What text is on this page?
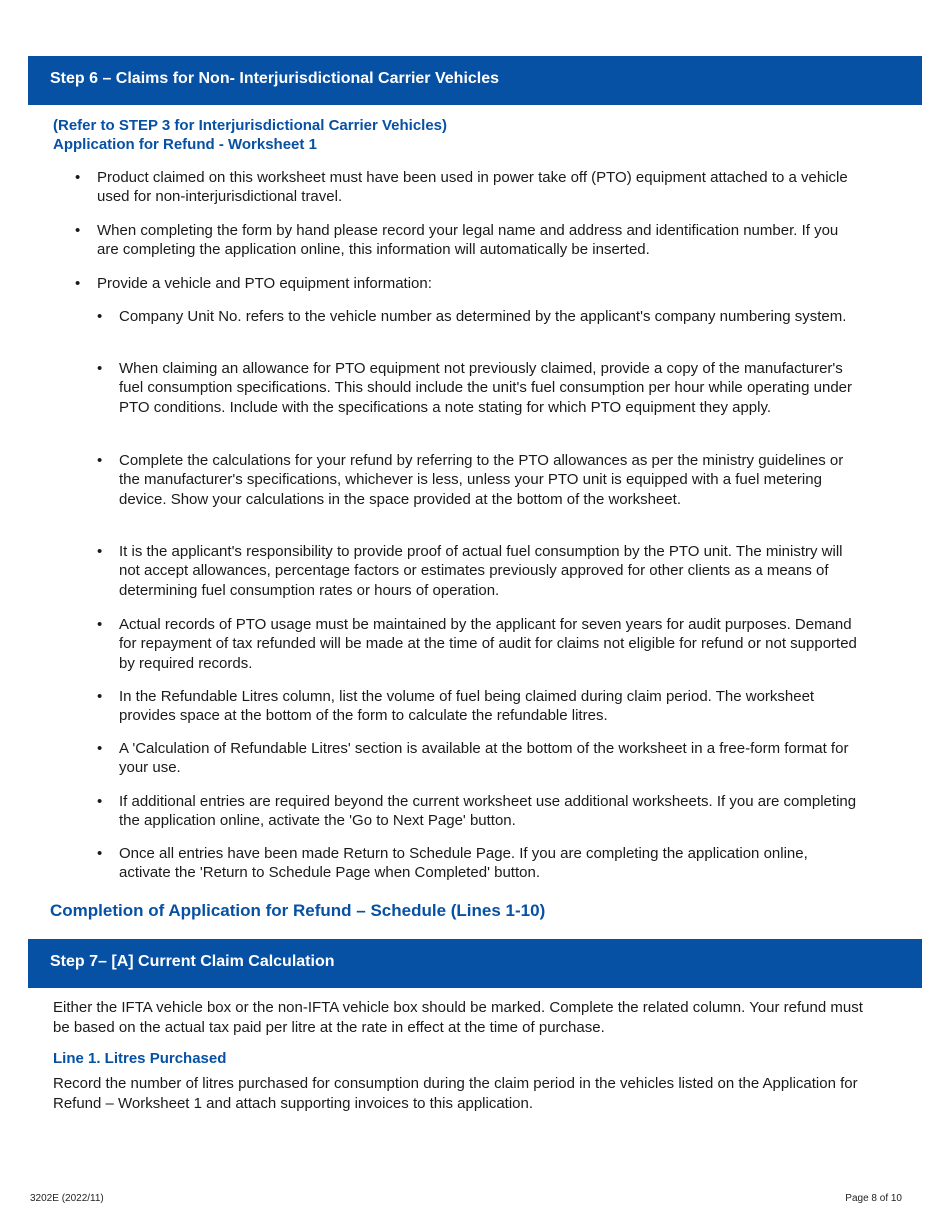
Step 6 – Claims for Non- Interjurisdictional Carrier Vehicles
(Refer to STEP 3 for Interjurisdictional Carrier Vehicles)
Application for Refund - Worksheet 1
•	Product claimed on this worksheet must have been used in power take off (PTO) equipment attached to a vehicle used for non-interjurisdictional travel.
•	When completing the form by hand please record your legal name and address and identification number. If you are completing the application online, this information will automatically be inserted.
•	Provide a vehicle and PTO equipment information:
•	Company Unit No. refers to the vehicle number as determined by the applicant's company numbering system.
•	When claiming an allowance for PTO equipment not previously claimed, provide a copy of the manufacturer's fuel consumption specifications. This should include the unit's fuel consumption per hour while operating under PTO conditions. Include with the specifications a note stating for which PTO equipment they apply.
•	Complete the calculations for your refund by referring to the PTO allowances as per the ministry guidelines or the manufacturer's specifications, whichever is less, unless your PTO unit is equipped with a fuel metering device. Show your calculations in the space provided at the bottom of the worksheet.
•	It is the applicant's responsibility to provide proof of actual fuel consumption by the PTO unit. The ministry will not accept allowances, percentage factors or estimates previously approved for other clients as a means of determining fuel consumption rates or hours of operation.
•	Actual records of PTO usage must be maintained by the applicant for seven years for audit purposes. Demand for repayment of tax refunded will be made at the time of audit for claims not eligible for refund or not supported by required records.
•	In the Refundable Litres column, list the volume of fuel being claimed during claim period. The worksheet provides space at the bottom of the form to calculate the refundable litres.
•	A 'Calculation of Refundable Litres' section is available at the bottom of the worksheet in a free-form format for your use.
•	If additional entries are required beyond the current worksheet use additional worksheets. If you are completing the application online, activate the 'Go to Next Page' button.
•	Once all entries have been made Return to Schedule Page. If you are completing the application online, activate the 'Return to Schedule Page when Completed' button.
Completion of Application for Refund – Schedule (Lines 1-10)
Step 7– [A] Current Claim Calculation
Either the IFTA vehicle box or the non-IFTA vehicle box should be marked. Complete the related column. Your refund must be based on the actual tax paid per litre at the rate in effect at the time of purchase.
Line 1. Litres Purchased
Record the number of litres purchased for consumption during the claim period in the vehicles listed on the Application for Refund – Worksheet 1 and attach supporting invoices to this application.
3202E (2022/11)	Page 8 of 10
